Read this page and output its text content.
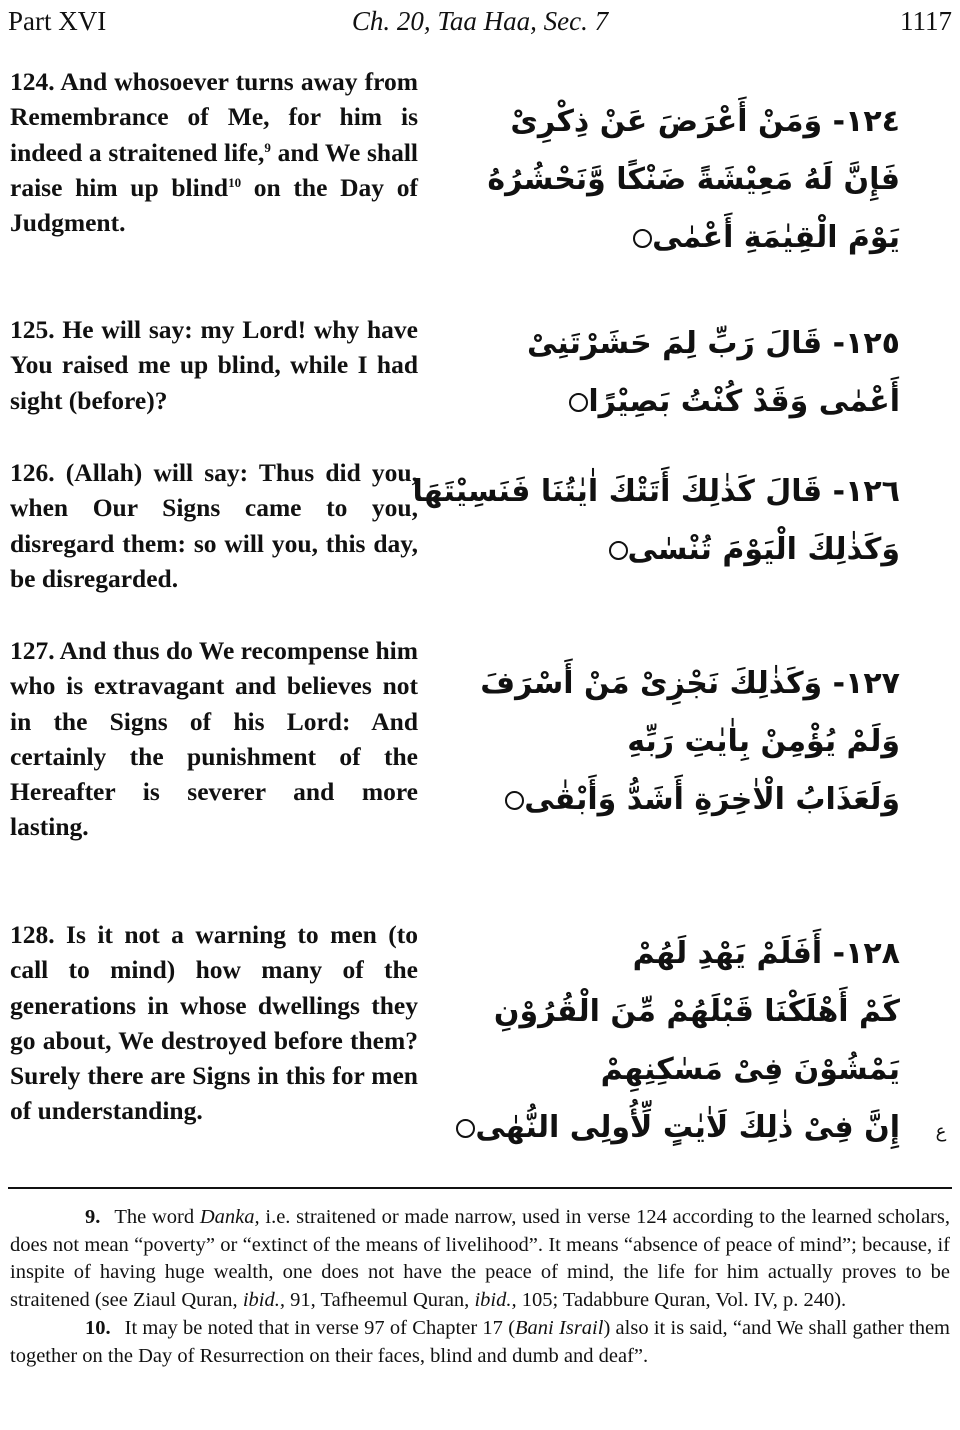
Part XVI	Ch. 20, Taa Haa, Sec. 7	1117

124. And whosoever turns away from Remembrance of Me, for him is indeed a straitened life,$^9$ and We shall raise him up blind$^{10}$ on the Day of Judgment.

١٢٤- وَمَنْ أَعْرَضَ عَنْ ذِكْرِىْ
فَإِنَّ لَهُ مَعِيْشَةً ضَنْكًا وَّنَحْشُرُهُ
يَوْمَ الْقِيٰمَةِ أَعْمٰى

125. He will say: my Lord! why have You raised me up blind, while I had sight (before)?

١٢٥- قَالَ رَبِّ لِمَ حَشَرْتَنِىْ
أَعْمٰى وَقَدْ كُنْتُ بَصِيْرًا

126. (Allah) will say: Thus did you, when Our Signs came to you, disregard them: so will you, this day, be disregarded.

١٢٦- قَالَ كَذٰلِكَ أَتَتْكَ اٰيٰتُنَا فَنَسِيْتَهَا
وَكَذٰلِكَ الْيَوْمَ تُنْسٰى

127. And thus do We recompense him who is extravagant and believes not in the Signs of his Lord: And certainly the punishment of the Hereafter is severer and more lasting.

١٢٧- وَكَذٰلِكَ نَجْزِىْ مَنْ أَسْرَفَ
وَلَمْ يُؤْمِنْ بِاٰيٰتِ رَبِّهِ
وَلَعَذَابُ الْاٰخِرَةِ أَشَدُّ وَأَبْقٰى

128. Is it not a warning to men (to call to mind) how many of the generations in whose dwellings they go about, We destroyed before them? Surely there are Signs in this for men of understanding.

١٢٨- أَفَلَمْ يَهْدِ لَهُمْ
كَمْ أَهْلَكْنَا قَبْلَهُمْ مِّنَ الْقُرُوْنِ
يَمْشُوْنَ فِىْ مَسٰكِنِهِمْ
إِنَّ فِىْ ذٰلِكَ لَاٰيٰتٍ لِّأُولِى النُّهٰى ع

9. The word Danka, i.e. straitened or made narrow, used in verse 124 according to the learned scholars, does not mean “poverty” or “extinct of the means of livelihood”. It means “absence of peace of mind”; because, if inspite of having huge wealth, one does not have the peace of mind, the life for him actually proves to be straitened (see Ziaul Quran, ibid., 91, Tafheemul Quran, ibid., 105; Tadabbure Quran, Vol. IV, p. 240).

10. It may be noted that in verse 97 of Chapter 17 (Bani Israil) also it is said, “and We shall gather them together on the Day of Resurrection on their faces, blind and dumb and deaf”.
